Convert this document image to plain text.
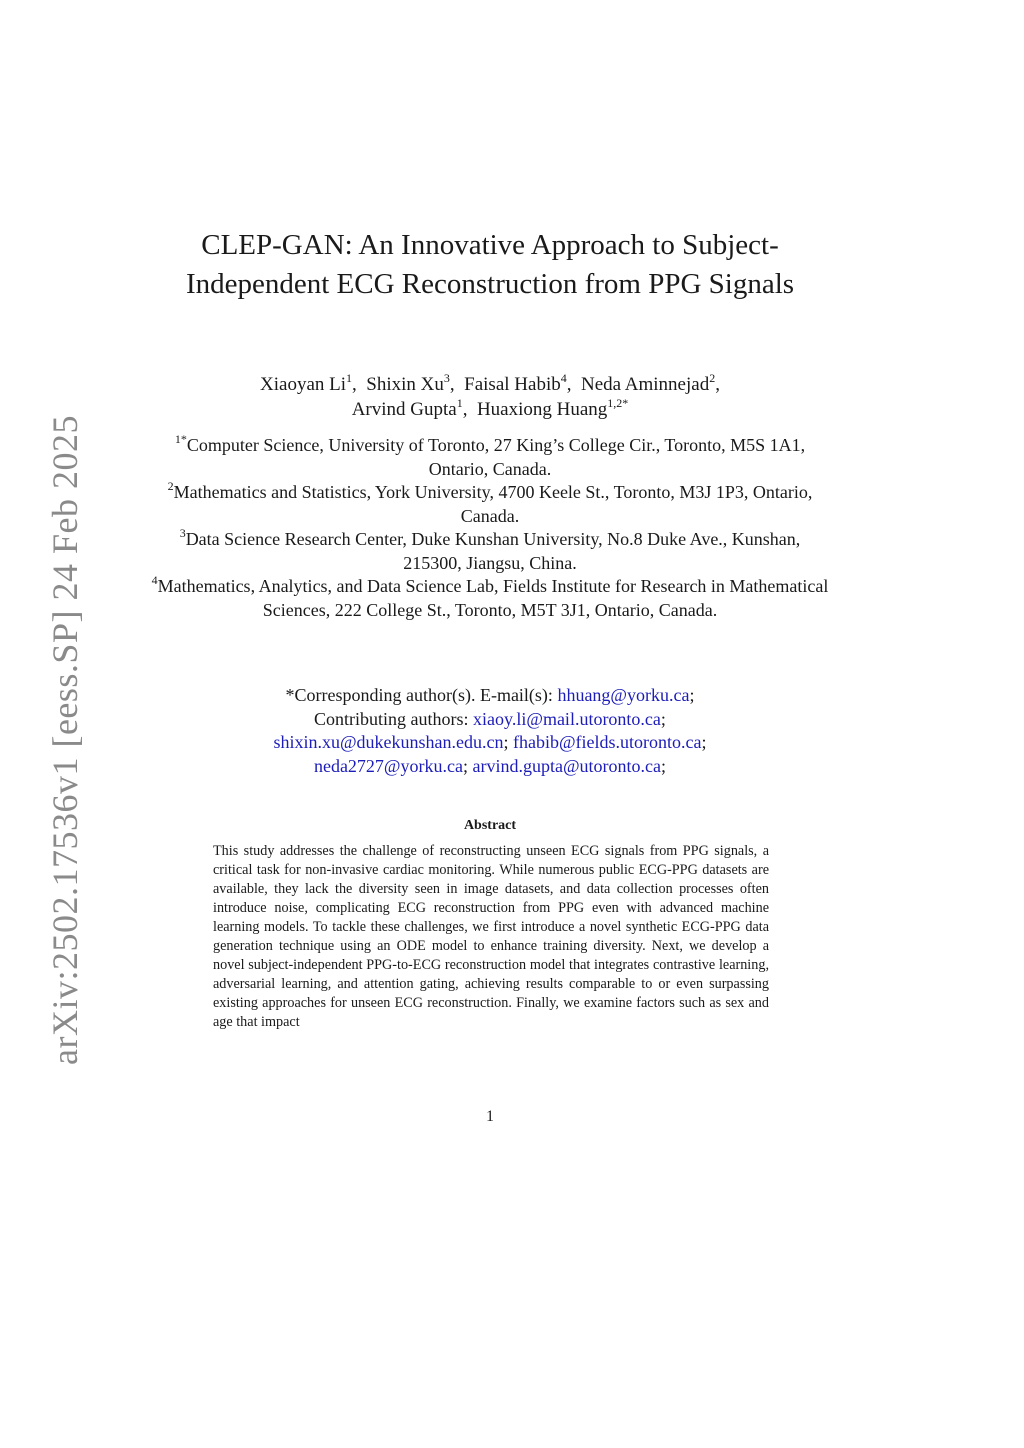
arXiv:2502.17536v1 [eess.SP] 24 Feb 2025
CLEP-GAN: An Innovative Approach to Subject-Independent ECG Reconstruction from PPG Signals
Xiaoyan Li$^1$, Shixin Xu$^3$, Faisal Habib$^4$, Neda Aminnejad$^2$,
Arvind Gupta$^1$, Huaxiong Huang$^{1,2*}$

$^{1*}$Computer Science, University of Toronto, 27 King’s College Cir., Toronto, M5S 1A1, Ontario, Canada.

$^2$Mathematics and Statistics, York University, 4700 Keele St., Toronto, M3J 1P3, Ontario, Canada.

$^3$Data Science Research Center, Duke Kunshan University, No.8 Duke Ave., Kunshan, 215300, Jiangsu, China.

$^4$Mathematics, Analytics, and Data Science Lab, Fields Institute for Research in Mathematical Sciences, 222 College St., Toronto, M5T 3J1, Ontario, Canada.

*Corresponding author(s). E-mail(s): hhuang@yorku.ca;
Contributing authors: xiaoy.li@mail.utoronto.ca;
shixin.xu@dukekunshan.edu.cn; fhabib@fields.utoronto.ca;
neda2727@yorku.ca; arvind.gupta@utoronto.ca;
Abstract
This study addresses the challenge of reconstructing unseen ECG signals from PPG signals, a critical task for non-invasive cardiac monitoring. While numerous public ECG-PPG datasets are available, they lack the diversity seen in image datasets, and data collection processes often introduce noise, complicating ECG reconstruction from PPG even with advanced machine learning models. To tackle these challenges, we first introduce a novel synthetic ECG-PPG data generation technique using an ODE model to enhance training diversity. Next, we develop a novel subject-independent PPG-to-ECG reconstruction model that integrates contrastive learning, adversarial learning, and attention gating, achieving results comparable to or even surpassing existing approaches for unseen ECG reconstruction. Finally, we examine factors such as sex and age that impact
1
